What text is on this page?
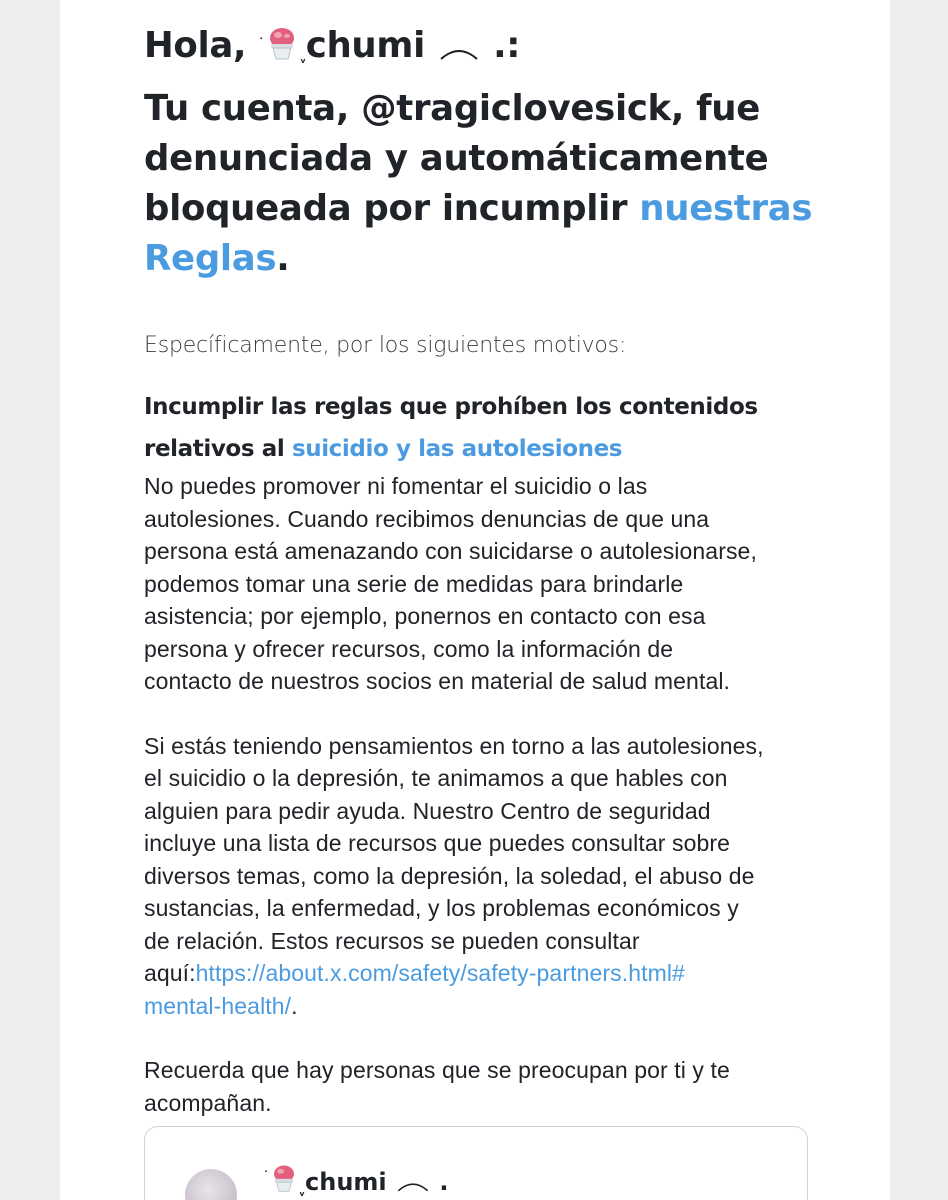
Hola, ˙ᵥchumi .:
Tu cuenta, @tragiclovesick, fue
denunciada y automáticamente
bloqueada por incumplir nuestras
Reglas.
Específicamente, por los siguientes motivos:
Incumplir las reglas que prohíben los contenidos
relativos al suicidio y las autolesiones
No puedes promover ni fomentar el suicidio o las
autolesiones. Cuando recibimos denuncias de que una
persona está amenazando con suicidarse o autolesionarse,
podemos tomar una serie de medidas para brindarle
asistencia; por ejemplo, ponernos en contacto con esa
persona y ofrecer recursos, como la información de
contacto de nuestros socios en material de salud mental.
Si estás teniendo pensamientos en torno a las autolesiones,
el suicidio o la depresión, te animamos a que hables con
alguien para pedir ayuda. Nuestro Centro de seguridad
incluye una lista de recursos que puedes consultar sobre
diversos temas, como la depresión, la soledad, el abuso de
sustancias, la enfermedad, y los problemas económicos y
de relación. Estos recursos se pueden consultar
aquí:https://about.x.com/safety/safety-partners.html#
mental-health/.
Recuerda que hay personas que se preocupan por ti y te
acompañan.
˙$_ᵥ$chumi .
